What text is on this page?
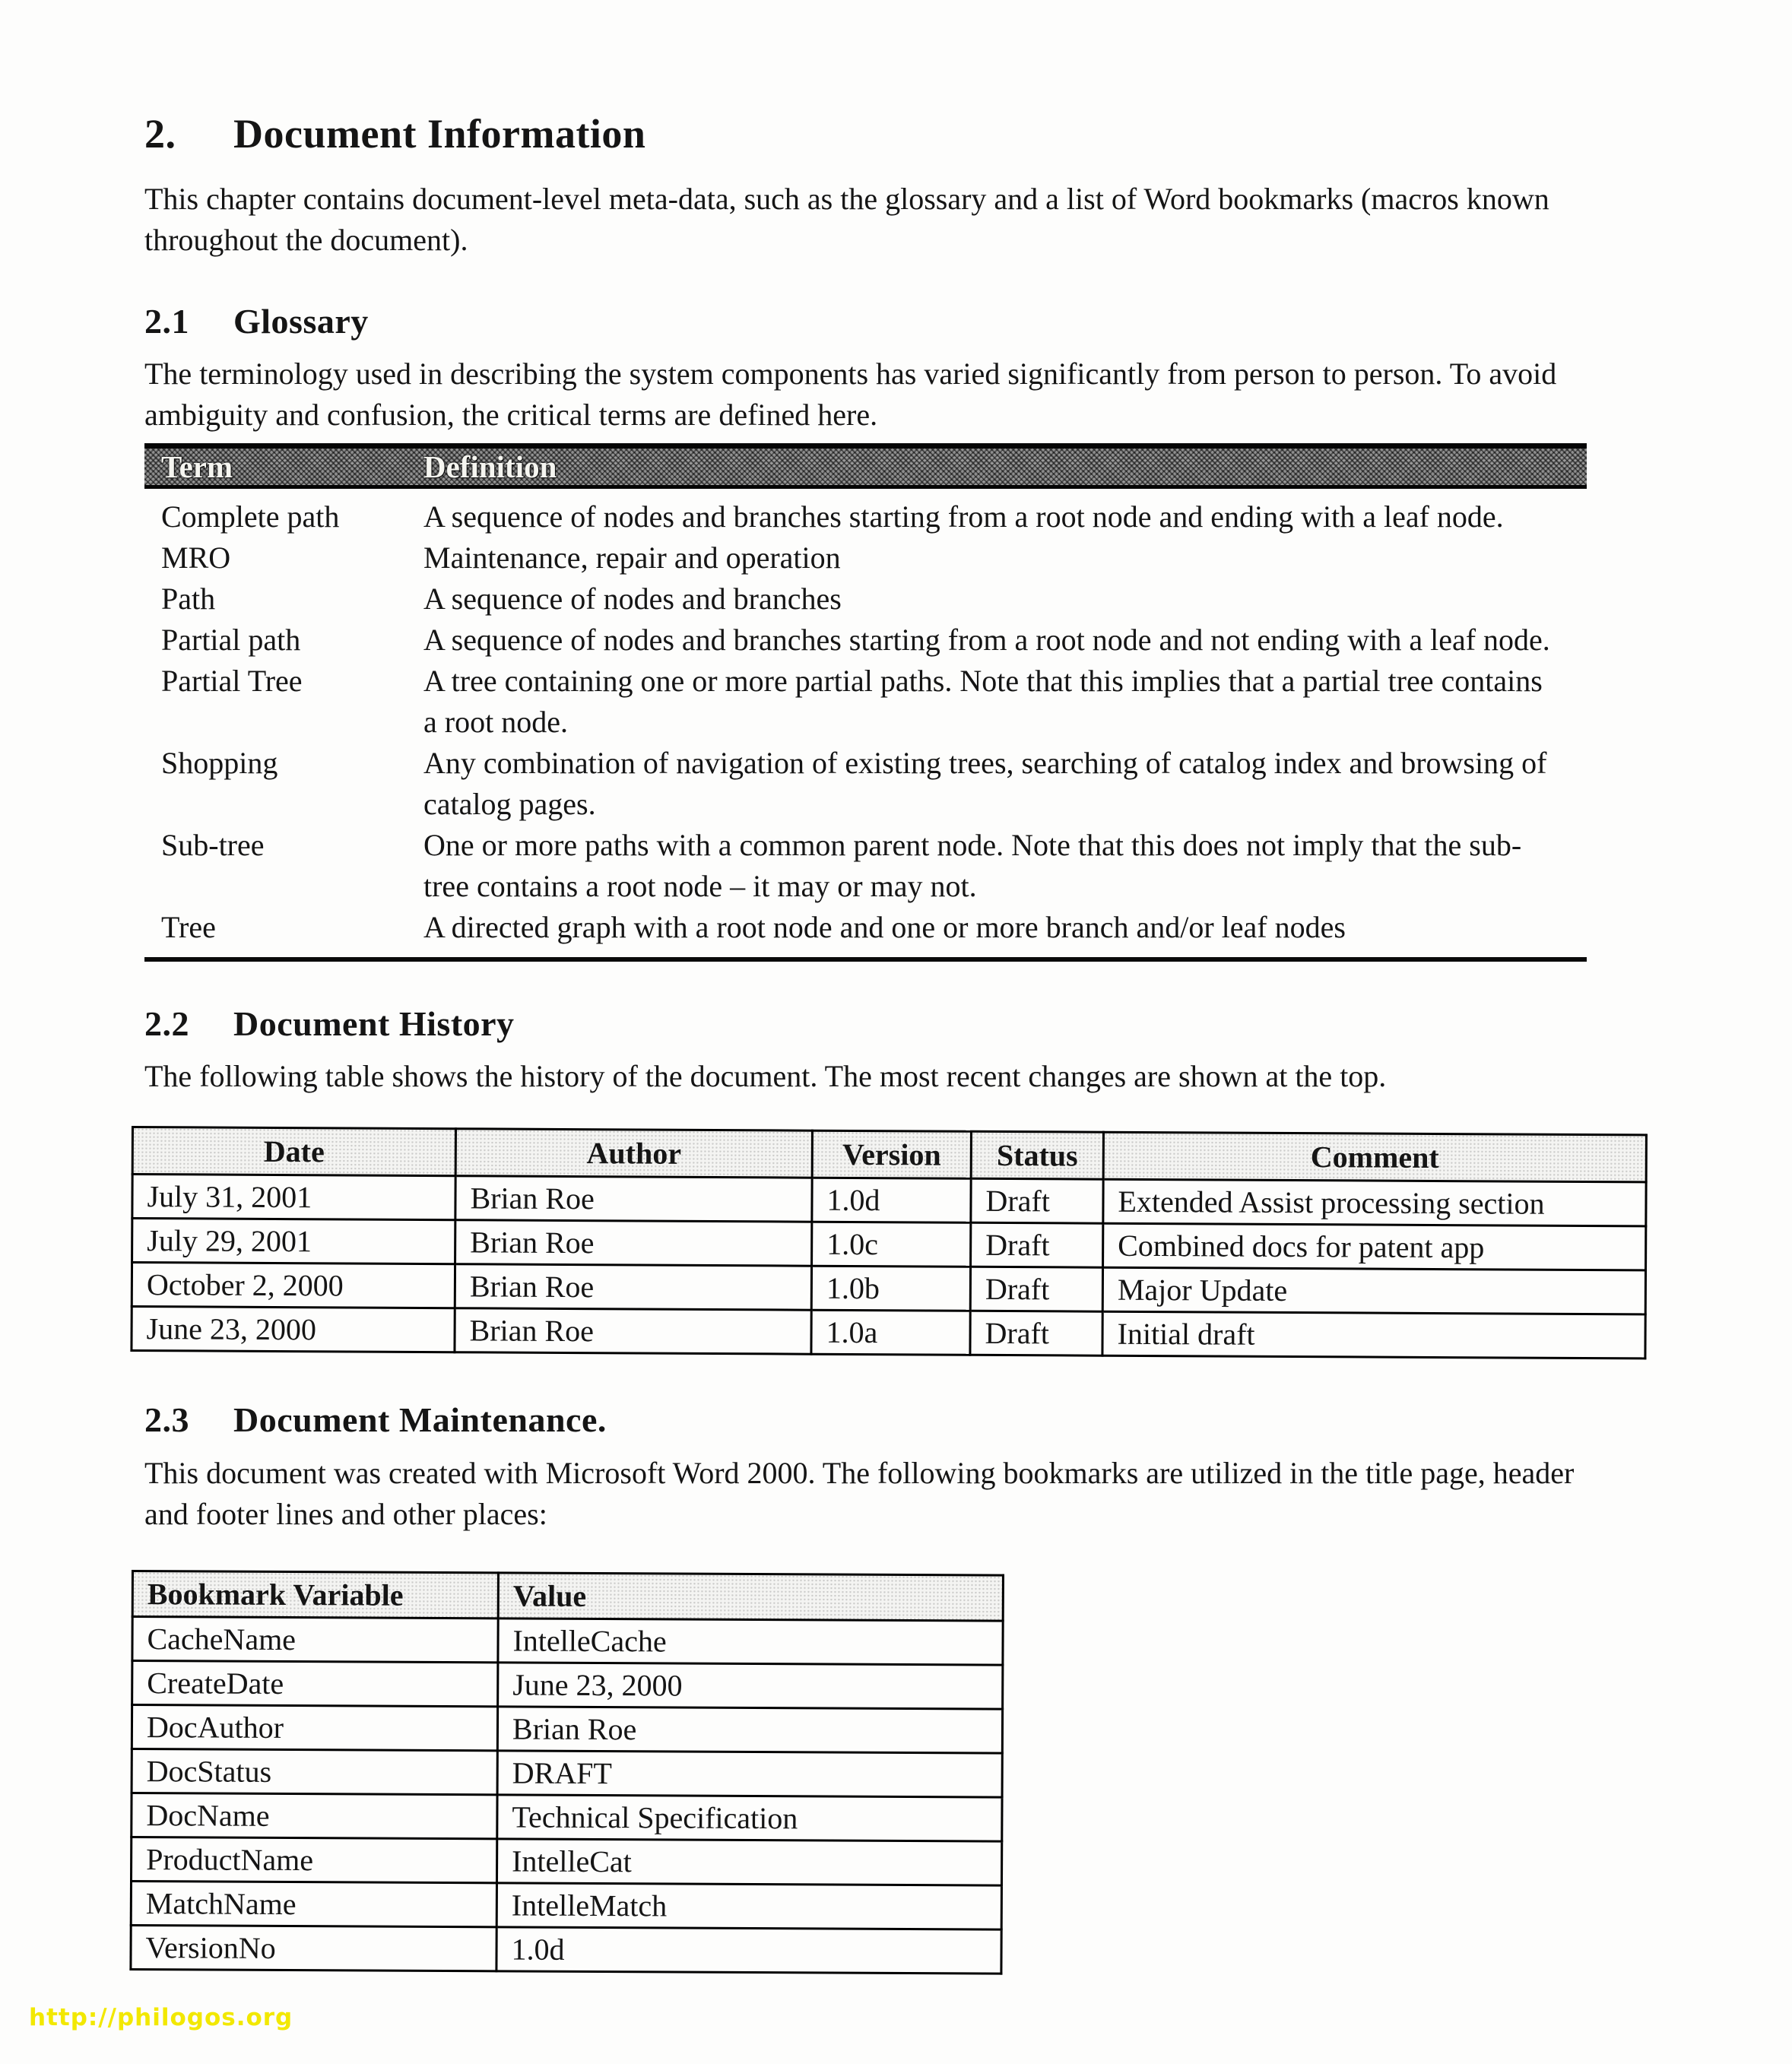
2. Document Information

This chapter contains document-level meta-data, such as the glossary and a list of Word bookmarks (macros known throughout the document).

2.1 Glossary

The terminology used in describing the system components has varied significantly from person to person. To avoid ambiguity and confusion, the critical terms are defined here.

Term	Definition
Complete path	A sequence of nodes and branches starting from a root node and ending with a leaf node.
MRO	Maintenance, repair and operation
Path	A sequence of nodes and branches
Partial path	A sequence of nodes and branches starting from a root node and not ending with a leaf node.
Partial Tree	A tree containing one or more partial paths. Note that this implies that a partial tree contains a root node.
Shopping	Any combination of navigation of existing trees, searching of catalog index and browsing of catalog pages.
Sub-tree	One or more paths with a common parent node. Note that this does not imply that the sub-tree contains a root node – it may or may not.
Tree	A directed graph with a root node and one or more branch and/or leaf nodes
2.2 Document History

The following table shows the history of the document. The most recent changes are shown at the top.

Date	Author	Version	Status	Comment
July 31, 2001	Brian Roe	1.0d	Draft	Extended Assist processing section
July 29, 2001	Brian Roe	1.0c	Draft	Combined docs for patent app
October 2, 2000	Brian Roe	1.0b	Draft	Major Update
June 23, 2000	Brian Roe	1.0a	Draft	Initial draft
2.3 Document Maintenance.

This document was created with Microsoft Word 2000. The following bookmarks are utilized in the title page, header and footer lines and other places:

Bookmark Variable	Value
CacheName	IntelleCache
CreateDate	June 23, 2000
DocAuthor	Brian Roe
DocStatus	DRAFT
DocName	Technical Specification
ProductName	IntelleCat
MatchName	IntelleMatch
VersionNo	1.0d
http://philogos.org
